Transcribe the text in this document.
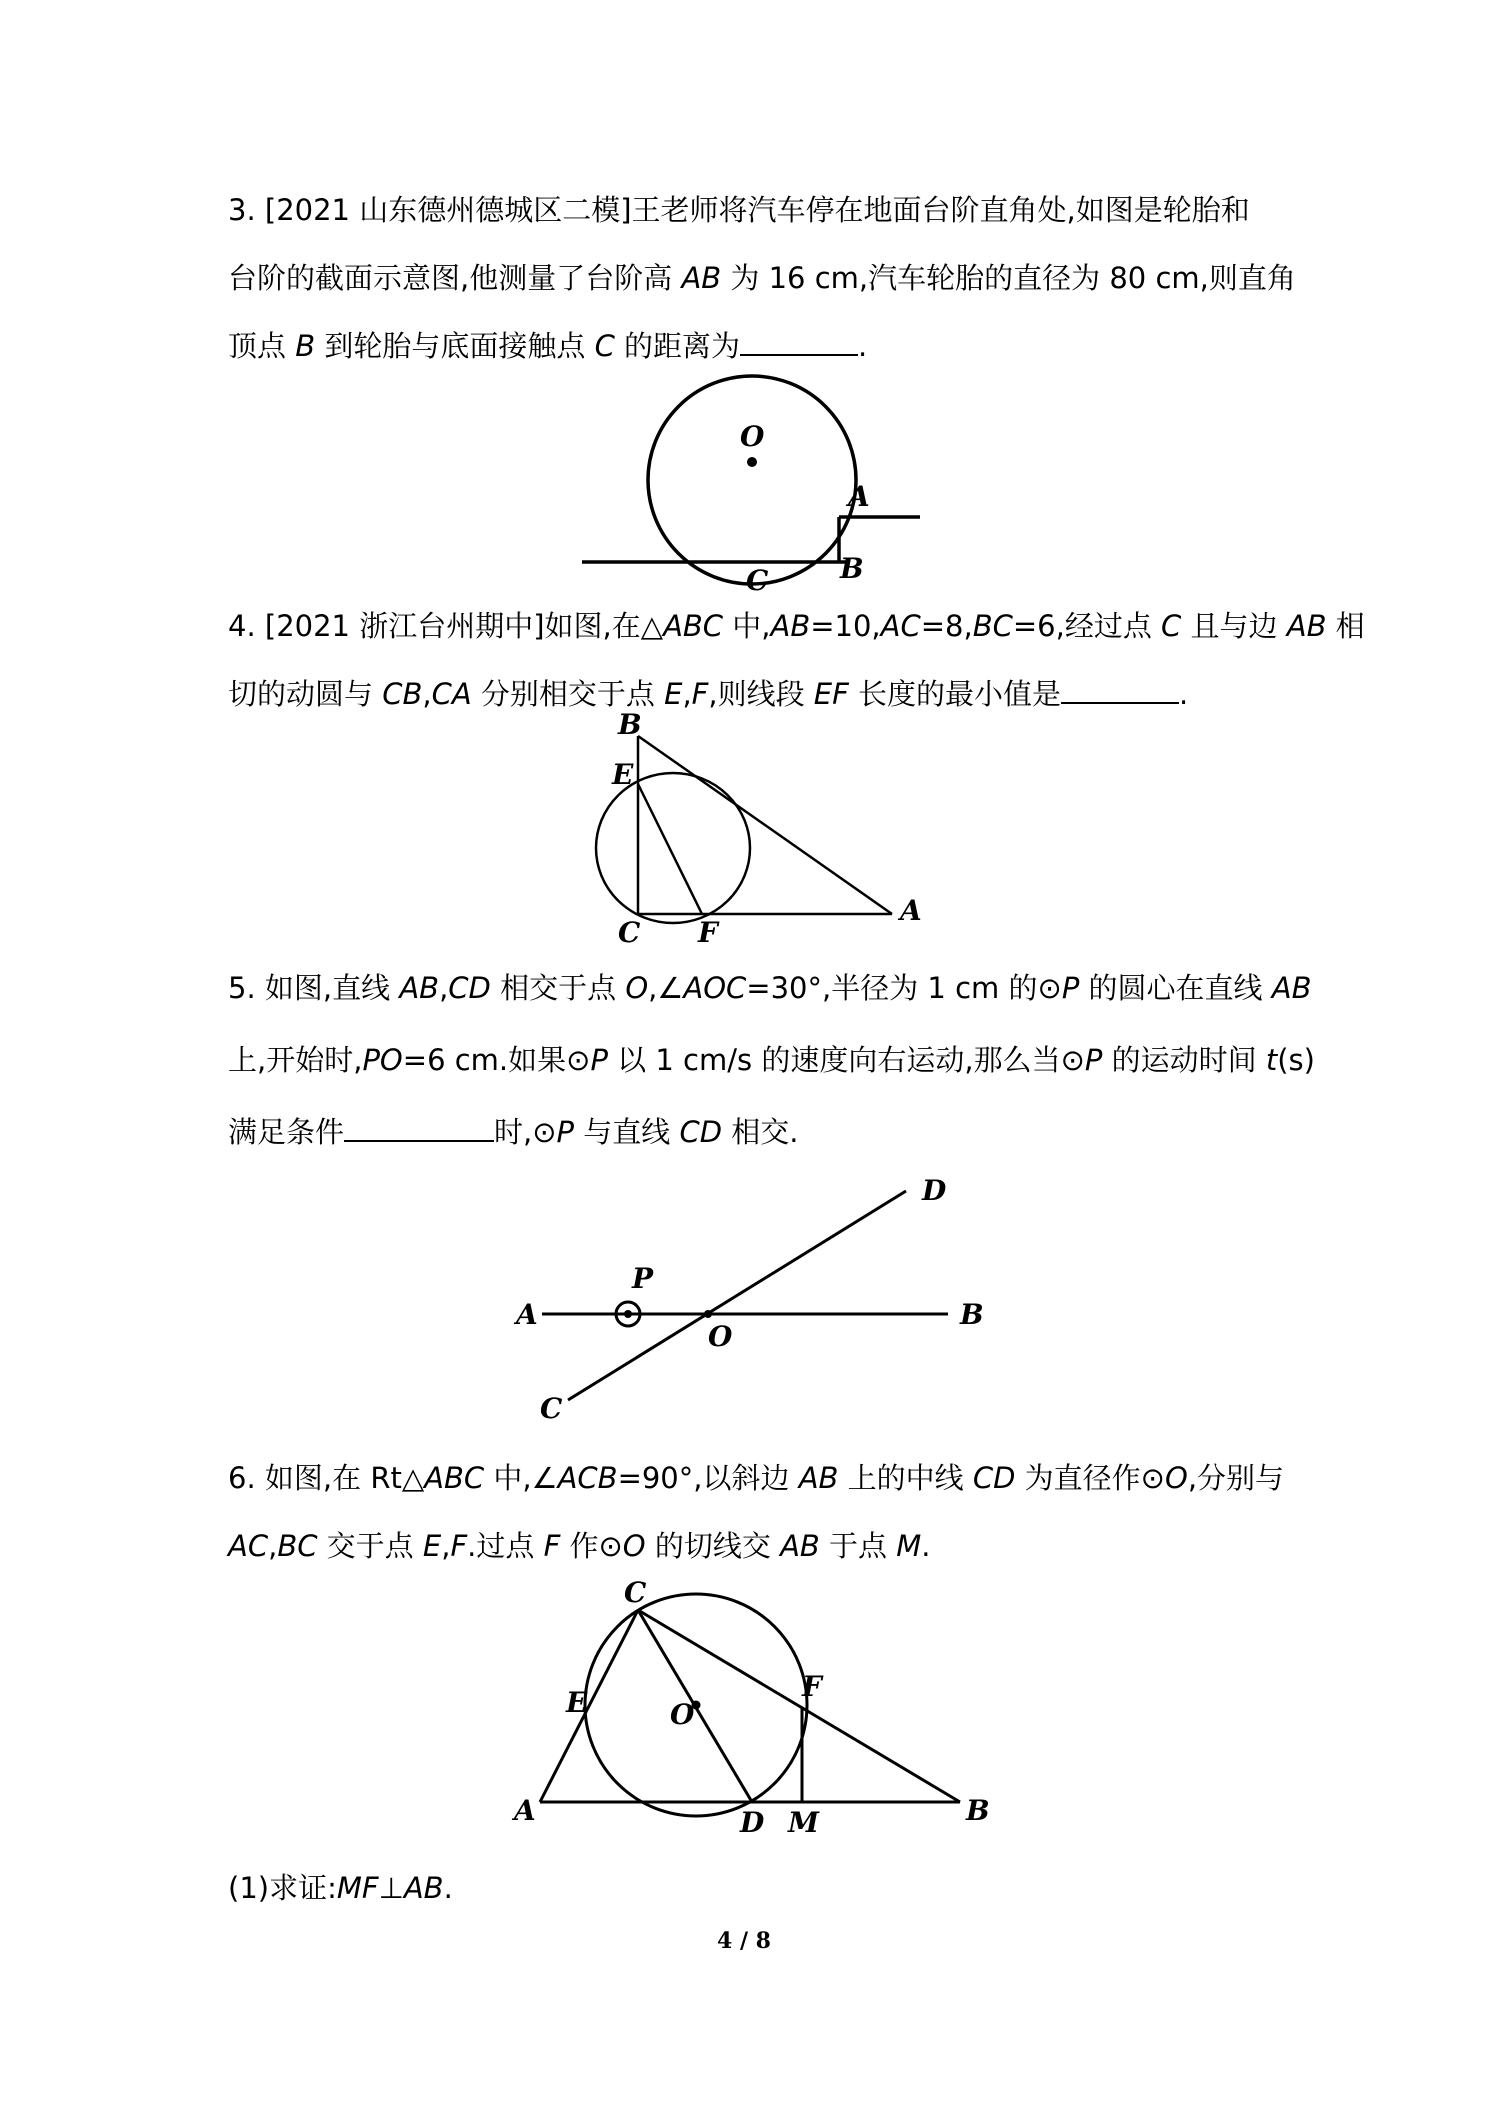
3. [2021 山东德州德城区二模]王老师将汽车停在地面台阶直角处,如图是轮胎和
台阶的截面示意图,他测量了台阶高 AB 为 16 cm,汽车轮胎的直径为 80 cm,则直角
顶点 B 到轮胎与底面接触点 C 的距离为	.
O
A
B
C
4. [2021 浙江台州期中]如图,在△ABC 中,AB=10,AC=8,BC=6,经过点 C 且与边 AB 相
切的动圆与 CB,CA 分别相交于点 E,F,则线段 EF 长度的最小值是	.
B
E
C F
A
5. 如图,直线 AB,CD 相交于点 O,∠AOC=30°,半径为 1 cm 的⊙P 的圆心在直线 AB
上,开始时,PO=6 cm.如果⊙P 以 1 cm/s 的速度向右运动,那么当⊙P 的运动时间 t(s)
满足条件	时,⊙P 与直线 CD 相交.
D
P
A
O
B
C
6. 如图,在 Rt△ABC 中,∠ACB=90°,以斜边 AB 上的中线 CD 为直径作⊙O,分别与
AC,BC 交于点 E,F.过点 F 作⊙O 的切线交 AB 于点 M.
C
E	O
F
A	D M	B
(1)求证:MF⊥AB.
4 / 8
